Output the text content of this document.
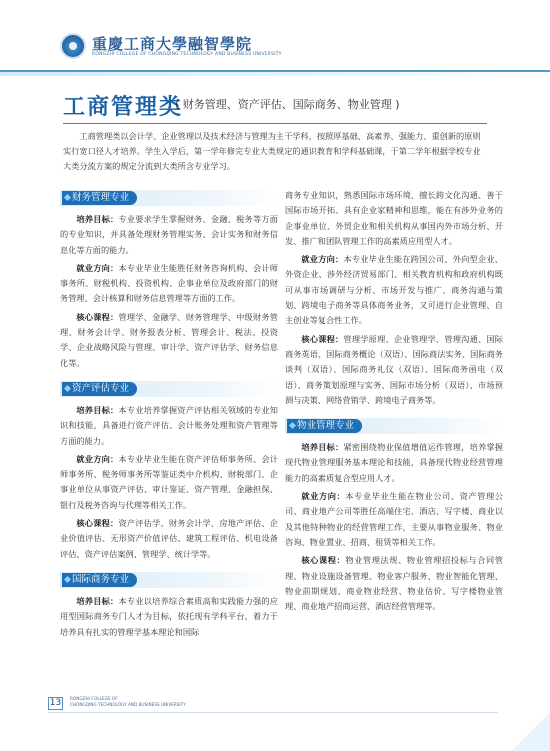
重慶工商大學融智學院
RONGZHI COLLEGE OF CHONGQING TECHNOLOGY AND BUSINESS UNIVERSITY
工商管理类
( 财务管理、资产评估、国际商务、物业管理 )
工商管理类以会计学、企业管理以及技术经济与管理为主干学科，按照厚基础、高素养、强能力、重创新的原则实行宽口径人才培养。学生入学后，第一学年修完专业大类规定的通识教育和学科基础课，于第二学年根据学校专业大类分流方案的规定分流到大类所含专业学习。
财务管理专业

培养目标：专业要求学生掌握财务、金融、税务等方面的专业知识，并具备处理财务管理实务、会计实务和财务信息化等方面的能力。

就业方向：本专业毕业生能胜任财务咨询机构、会计师事务所、财税机构、投资机构、企事业单位及政府部门的财务管理、会计核算和财务信息管理等方面的工作。

核心课程：管理学、金融学、财务管理学、中级财务管理、财务会计学、财务报表分析、管理会计、税法、投资学、企业战略风险与管理、审计学、资产评估学、财务信息化等。

资产评估专业

培养目标：本专业培养掌握资产评估相关领域的专业知识和技能，具备进行资产评估、会计账务处理和资产管理等方面的能力。

就业方向：本专业毕业生能在资产评估师事务所、会计师事务所、税务师事务所等鉴证类中介机构、财税部门、企事业单位从事资产评估、审计鉴证、资产管理、金融担保、银行及税务咨询与代理等相关工作。

核心课程：资产评估学、财务会计学、房地产评估、企业价值评估、无形资产价值评估、建筑工程评估、机电设备评估、资产评估案例、管理学、统计学等。

国际商务专业

培养目标：本专业以培养综合素质高和实践能力强的应用型国际商务专门人才为目标，依托现有学科平台，着力于培养具有扎实的管理学基本理论和国际

商务专业知识，熟悉国际市场环境、擅长跨文化沟通、善于国际市场开拓、具有企业家精神和思维，能在有涉外业务的企事业单位、外贸企业和相关机构从事国内外市场分析、开发、推广和团队管理工作的高素质应用型人才。

就业方向：本专业毕业生能在跨国公司、外向型企业、外资企业、涉外经济贸易部门、相关教育机构和政府机构既可从事市场调研与分析、市场开发与推广、商务沟通与策划、跨境电子商务等具体商务业务，又可进行企业管理、自主创业等复合性工作。

核心课程：管理学原理、企业管理学、管理沟通、国际商务英语、国际商务概论（双语）、国际商法实务、国际商务谈判（双语）、国际商务礼仪（双语）、国际商务函电（双语）、商务策划原理与实务、国际市场分析（双语）、市场预测与决策、网络营销学、跨境电子商务等。

物业管理专业

培养目标：紧密围绕物业保值增值运作管理，培养掌握现代物业管理服务基本理论和技能，具备现代物业经营管理能力的高素质复合型应用人才。

就业方向：本专业毕业生能在物业公司、资产管理公司、商业地产公司等胜任高端住宅、酒店、写字楼、商业以及其他特种物业的经营管理工作，主要从事物业服务、物业咨询、物业置业、招商、租赁等相关工作。

核心课程：物业管理法规、物业管理招投标与合同管理、物业设施设备管理、物业客户服务、物业智能化管理、物业前期规划、商业物业经营、物业估价、写字楼物业管理、商业地产招商运营、酒店经营管理等。

13	RONGZHI COLLEGE OF
CHONGQING TECHNOLOGY AND BUSINESS UNIVERSITY
